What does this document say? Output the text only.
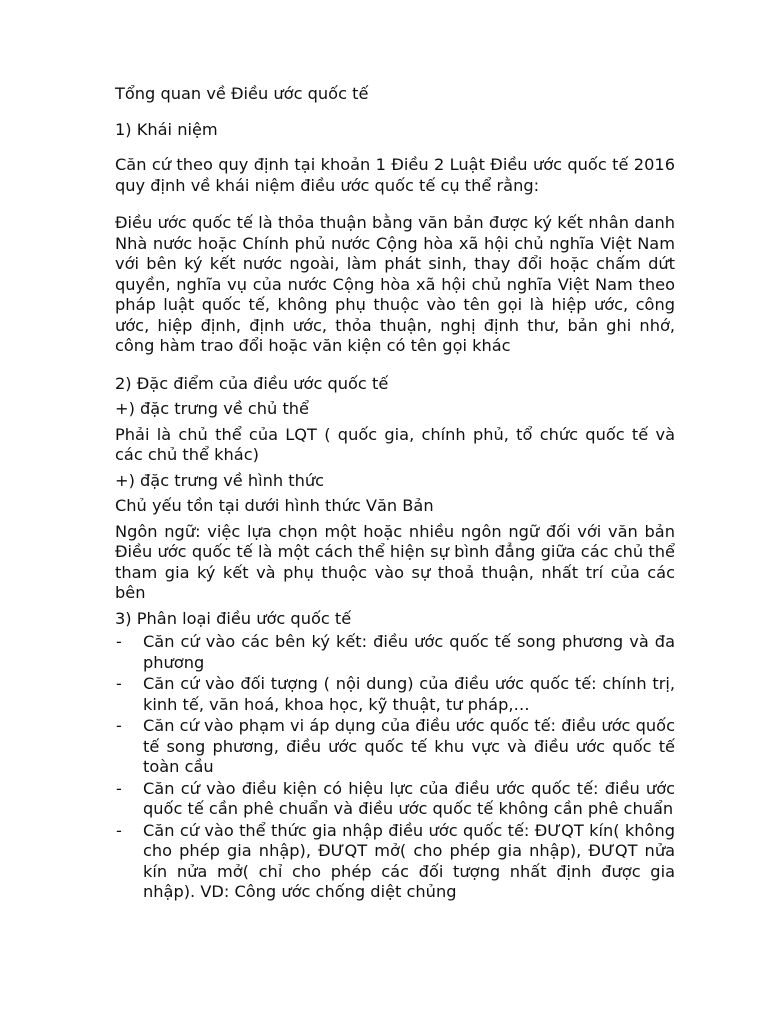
Tổng quan về Điều ước quốc tế

1) Khái niệm

Căn cứ theo quy định tại khoản 1 Điều 2 Luật Điều ước quốc tế 2016 quy định về khái niệm điều ước quốc tế cụ thể rằng:

Điều ước quốc tế là thỏa thuận bằng văn bản được ký kết nhân danh Nhà nước hoặc Chính phủ nước Cộng hòa xã hội chủ nghĩa Việt Nam với bên ký kết nước ngoài, làm phát sinh, thay đổi hoặc chấm dứt quyền, nghĩa vụ của nước Cộng hòa xã hội chủ nghĩa Việt Nam theo pháp luật quốc tế, không phụ thuộc vào tên gọi là hiệp ước, công ước, hiệp định, định ước, thỏa thuận, nghị định thư, bản ghi nhớ, công hàm trao đổi hoặc văn kiện có tên gọi khác

2) Đặc điểm của điều ước quốc tế

+) đặc trưng về chủ thể

Phải là chủ thể của LQT ( quốc gia, chính phủ, tổ chức quốc tế và các chủ thể khác)

+) đặc trưng về hình thức

Chủ yếu tồn tại dưới hình thức Văn Bản

Ngôn ngữ: việc lựa chọn một hoặc nhiều ngôn ngữ đối với văn bản Điều ước quốc tế là một cách thể hiện sự bình đẳng giữa các chủ thể tham gia ký kết và phụ thuộc vào sự thoả thuận, nhất trí của các bên

3) Phân loại điều ước quốc tế

- Căn cứ vào các bên ký kết: điều ước quốc tế song phương và đa phương
- Căn cứ vào đối tượng ( nội dung) của điều ước quốc tế: chính trị, kinh tế, văn hoá, khoa học, kỹ thuật, tư pháp,…
- Căn cứ vào phạm vi áp dụng của điều ước quốc tế: điều ước quốc tế song phương, điều ước quốc tế khu vực và điều ước quốc tế toàn cầu
- Căn cứ vào điều kiện có hiệu lực của điều ước quốc tế: điều ước quốc tế cần phê chuẩn và điều ước quốc tế không cần phê chuẩn
- Căn cứ vào thể thức gia nhập điều ước quốc tế: ĐƯQT kín( không cho phép gia nhập), ĐƯQT mở( cho phép gia nhập), ĐƯQT nửa kín nửa mở( chỉ cho phép các đối tượng nhất định được gia nhập). VD: Công ước chống diệt chủng
